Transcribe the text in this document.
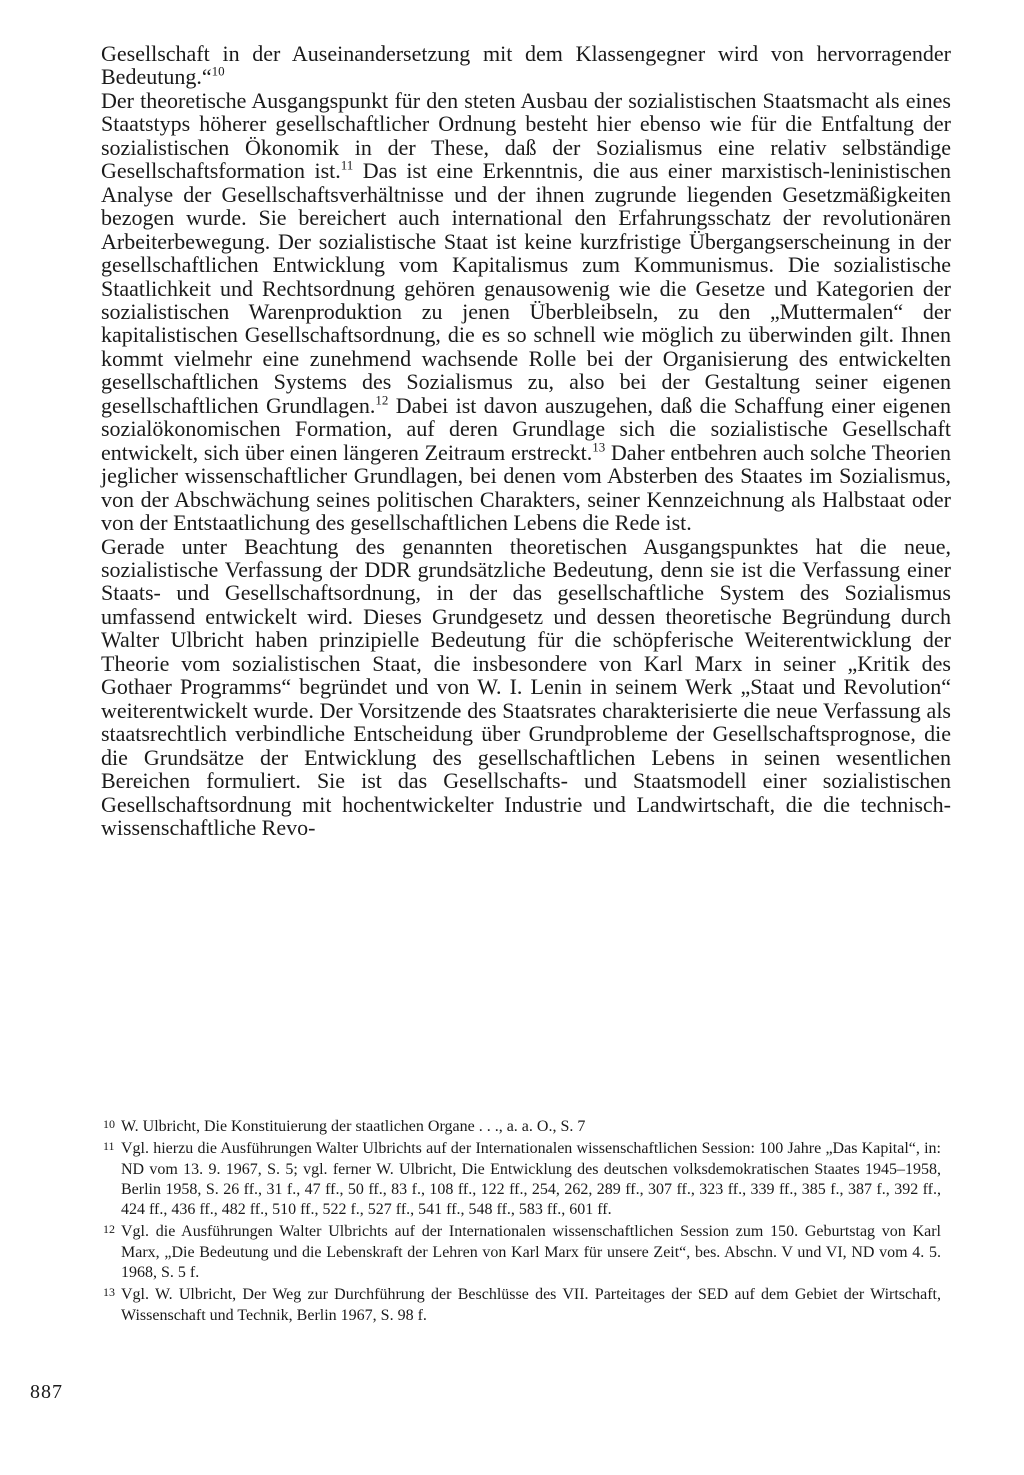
Gesellschaft in der Auseinandersetzung mit dem Klassengegner wird von hervorragender Bedeutung.“$^{10}$

Der theoretische Ausgangspunkt für den steten Ausbau der sozialistischen Staatsmacht als eines Staatstyps höherer gesellschaftlicher Ordnung besteht hier ebenso wie für die Entfaltung der sozialistischen Ökonomik in der These, daß der Sozialismus eine relativ selbständige Gesellschaftsformation ist.$^{11}$ Das ist eine Erkenntnis, die aus einer marxistisch-leninistischen Analyse der Gesellschaftsverhältnisse und der ihnen zugrunde liegenden Gesetzmäßigkeiten bezogen wurde. Sie bereichert auch international den Erfahrungsschatz der revolutionären Arbeiterbewegung. Der sozialistische Staat ist keine kurzfristige Übergangserscheinung in der gesellschaftlichen Entwicklung vom Kapitalismus zum Kommunismus. Die sozialistische Staatlichkeit und Rechtsordnung gehören genausowenig wie die Gesetze und Kategorien der sozialistischen Warenproduktion zu jenen Überbleibseln, zu den „Muttermalen“ der kapitalistischen Gesellschaftsordnung, die es so schnell wie möglich zu überwinden gilt. Ihnen kommt vielmehr eine zunehmend wachsende Rolle bei der Organisierung des entwickelten gesellschaftlichen Systems des Sozialismus zu, also bei der Gestaltung seiner eigenen gesellschaftlichen Grundlagen.$^{12}$ Dabei ist davon auszugehen, daß die Schaffung einer eigenen sozialökonomischen Formation, auf deren Grundlage sich die sozialistische Gesellschaft entwickelt, sich über einen längeren Zeitraum erstreckt.$^{13}$ Daher entbehren auch solche Theorien jeglicher wissenschaftlicher Grundlagen, bei denen vom Absterben des Staates im Sozialismus, von der Abschwächung seines politischen Charakters, seiner Kennzeichnung als Halbstaat oder von der Entstaatlichung des gesellschaftlichen Lebens die Rede ist.

Gerade unter Beachtung des genannten theoretischen Ausgangspunktes hat die neue, sozialistische Verfassung der DDR grundsätzliche Bedeutung, denn sie ist die Verfassung einer Staats- und Gesellschaftsordnung, in der das gesellschaftliche System des Sozialismus umfassend entwickelt wird. Dieses Grundgesetz und dessen theoretische Begründung durch Walter Ulbricht haben prinzipielle Bedeutung für die schöpferische Weiterentwicklung der Theorie vom sozialistischen Staat, die insbesondere von Karl Marx in seiner „Kritik des Gothaer Programms“ begründet und von W. I. Lenin in seinem Werk „Staat und Revolution“ weiterentwickelt wurde. Der Vorsitzende des Staatsrates charakterisierte die neue Verfassung als staatsrechtlich verbindliche Entscheidung über Grundprobleme der Gesellschaftsprognose, die die Grundsätze der Entwicklung des gesellschaftlichen Lebens in seinen wesentlichen Bereichen formuliert. Sie ist das Gesellschafts- und Staatsmodell einer sozialistischen Gesellschaftsordnung mit hochentwickelter Industrie und Landwirtschaft, die die technisch-wissenschaftliche Revo-

10 W. Ulbricht, Die Konstituierung der staatlichen Organe . . ., a. a. O., S. 7
11 Vgl. hierzu die Ausführungen Walter Ulbrichts auf der Internationalen wissenschaftlichen Session: 100 Jahre „Das Kapital“, in: ND vom 13. 9. 1967, S. 5; vgl. ferner W. Ulbricht, Die Entwicklung des deutschen volksdemokratischen Staates 1945–1958, Berlin 1958, S. 26 ff., 31 f., 47 ff., 50 ff., 83 f., 108 ff., 122 ff., 254, 262, 289 ff., 307 ff., 323 ff., 339 ff., 385 f., 387 f., 392 ff., 424 ff., 436 ff., 482 ff., 510 ff., 522 f., 527 ff., 541 ff., 548 ff., 583 ff., 601 ff.
12 Vgl. die Ausführungen Walter Ulbrichts auf der Internationalen wissenschaftlichen Session zum 150. Geburtstag von Karl Marx, „Die Bedeutung und die Lebenskraft der Lehren von Karl Marx für unsere Zeit“, bes. Abschn. V und VI, ND vom 4. 5. 1968, S. 5 f.
13 Vgl. W. Ulbricht, Der Weg zur Durchführung der Beschlüsse des VII. Parteitages der SED auf dem Gebiet der Wirtschaft, Wissenschaft und Technik, Berlin 1967, S. 98 f.
887
